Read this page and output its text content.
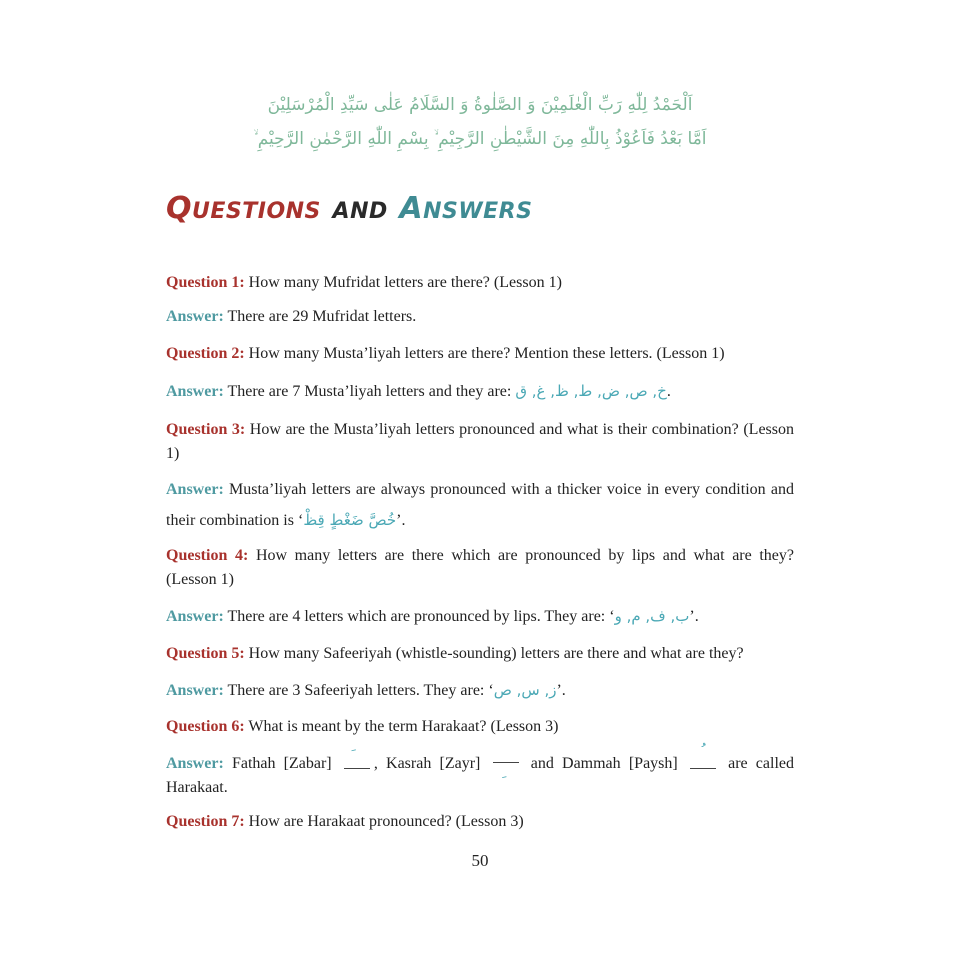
اَلْحَمْدُ لِلّٰهِ رَبِّ الْعٰلَمِيْنَ وَ الصَّلٰوةُ وَ السَّلَامُ عَلٰى سَيِّدِ الْمُرْسَلِيْنَ
اَمَّا بَعْدُ فَاَعُوْذُ بِاللّٰهِ مِنَ الشَّيْطٰنِ الرَّجِيْمِ ۙ بِسْمِ اللّٰهِ الرَّحْمٰنِ الرَّحِيْمِ ۙ
QUESTIONS AND ANSWERS

Question 1: How many Mufridat letters are there? (Lesson 1)

Answer: There are 29 Mufridat letters.

Question 2: How many Musta’liyah letters are there? Mention these letters. (Lesson 1)

Answer: There are 7 Musta’liyah letters and they are: خ, ص, ض, ط, ظ, غ, ق.

Question 3: How are the Musta’liyah letters pronounced and what is their combination? (Lesson 1)

Answer: Musta’liyah letters are always pronounced with a thicker voice in every condition and their combination is ‘خُصَّ ضَغْطٍ قِظْ’.

Question 4: How many letters are there which are pronounced by lips and what are they? (Lesson 1)

Answer: There are 4 letters which are pronounced by lips. They are: ‘ب, ف, م, و’.

Question 5: How many Safeeriyah (whistle-sounding) letters are there and what are they?

Answer: There are 3 Safeeriyah letters. They are: ‘ز, س, ص’.

Question 6: What is meant by the term Harakaat? (Lesson 3)

Answer: Fathah [Zabar]
, Kasrah [Zayr]
and Dammah [Paysh]
are called Harakaat.

Question 7: How are Harakaat pronounced? (Lesson 3)

50
